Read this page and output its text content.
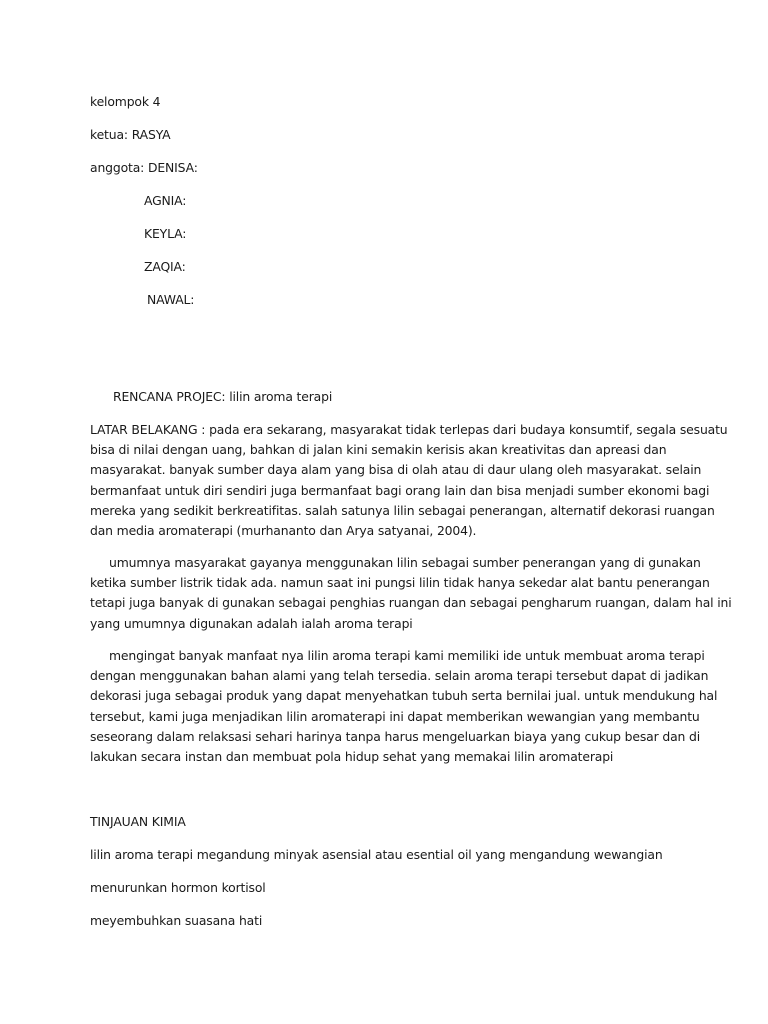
kelompok 4
ketua: RASYA
anggota: DENISA:
AGNIA:
KEYLA:
ZAQIA:
NAWAL:
RENCANA PROJEC: lilin aroma terapi
LATAR BELAKANG : pada era sekarang, masyarakat tidak terlepas dari budaya konsumtif, segala sesuatu
bisa di nilai dengan uang, bahkan di jalan kini semakin kerisis akan kreativitas dan apreasi dan
masyarakat. banyak sumber daya alam yang bisa di olah atau di daur ulang oleh masyarakat. selain
bermanfaat untuk diri sendiri juga bermanfaat bagi orang lain dan bisa menjadi sumber ekonomi bagi
mereka yang sedikit berkreatifitas. salah satunya lilin sebagai penerangan, alternatif dekorasi ruangan
dan media aromaterapi (murhananto dan Arya satyanai, 2004).
umumnya masyarakat gayanya menggunakan lilin sebagai sumber penerangan yang di gunakan
ketika sumber listrik tidak ada. namun saat ini pungsi lilin tidak hanya sekedar alat bantu penerangan
tetapi juga banyak di gunakan sebagai penghias ruangan dan sebagai pengharum ruangan, dalam hal ini
yang umumnya digunakan adalah ialah aroma terapi
mengingat banyak manfaat nya lilin aroma terapi kami memiliki ide untuk membuat aroma terapi
dengan menggunakan bahan alami yang telah tersedia. selain aroma terapi tersebut dapat di jadikan
dekorasi juga sebagai produk yang dapat menyehatkan tubuh serta bernilai jual. untuk mendukung hal
tersebut, kami juga menjadikan lilin aromaterapi ini dapat memberikan wewangian yang membantu
seseorang dalam relaksasi sehari harinya tanpa harus mengeluarkan biaya yang cukup besar dan di
lakukan secara instan dan membuat pola hidup sehat yang memakai lilin aromaterapi
TINJAUAN KIMIA
lilin aroma terapi megandung minyak asensial atau esential oil yang mengandung wewangian
menurunkan hormon kortisol
meyembuhkan suasana hati
